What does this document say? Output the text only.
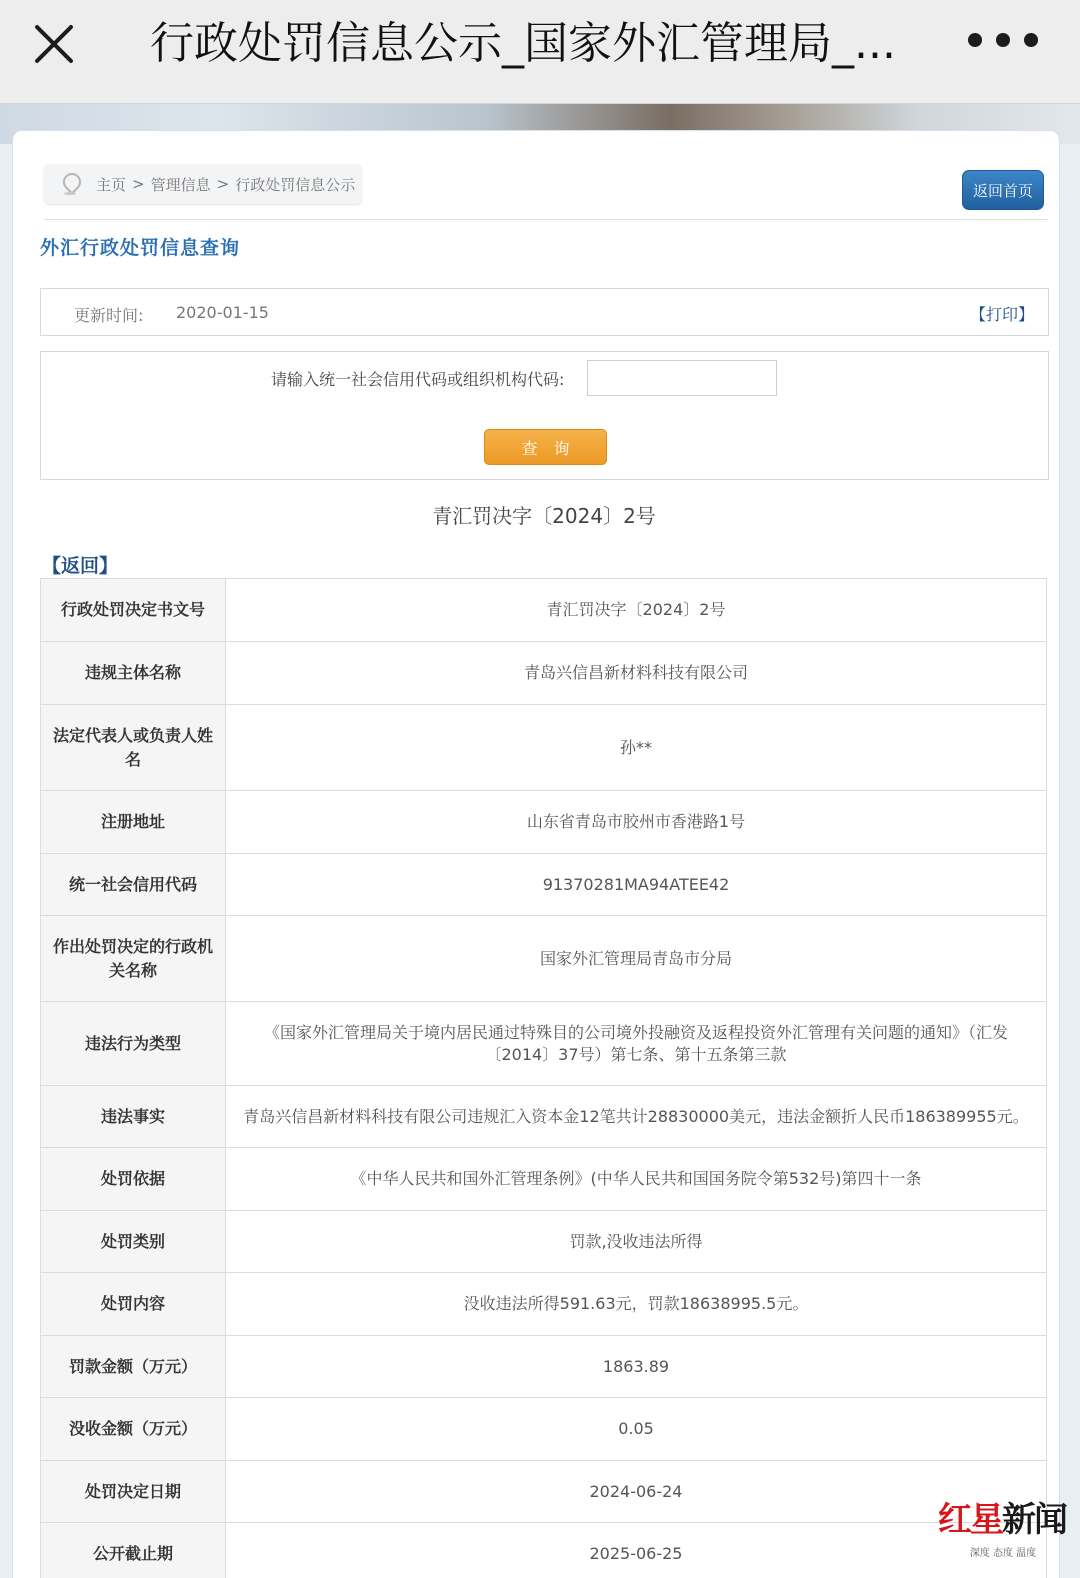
行政处罚信息公示_国家外汇管理局_...
主页 > 管理信息 > 行政处罚信息公示	返回首页
外汇行政处罚信息查询
更新时间: 2020-01-15	【打印】
请输入统一社会信用代码或组织机构代码:
查询
青汇罚决字〔2024〕2号
【返回】
行政处罚决定书文号	青汇罚决字〔2024〕2号
违规主体名称	青岛兴信昌新材料科技有限公司
法定代表人或负责人姓名	孙**
注册地址	山东省青岛市胶州市香港路1号
统一社会信用代码	91370281MA94ATEE42
作出处罚决定的行政机关名称	国家外汇管理局青岛市分局
违法行为类型	《国家外汇管理局关于境内居民通过特殊目的公司境外投融资及返程投资外汇管理有关问题的通知》（汇发〔2014〕37号）第七条、第十五条第三款
违法事实	青岛兴信昌新材料科技有限公司违规汇入资本金12笔共计28830000美元，违法金额折人民币186389955元。
处罚依据	《中华人民共和国外汇管理条例》(中华人民共和国国务院令第532号)第四十一条
处罚类别	罚款,没收违法所得
处罚内容	没收违法所得591.63元，罚款18638995.5元。
罚款金额（万元）	1863.89
没收金额（万元）	0.05
处罚决定日期	2024-06-24
公开截止期	2025-06-25
红星新闻
深度 态度 温度
